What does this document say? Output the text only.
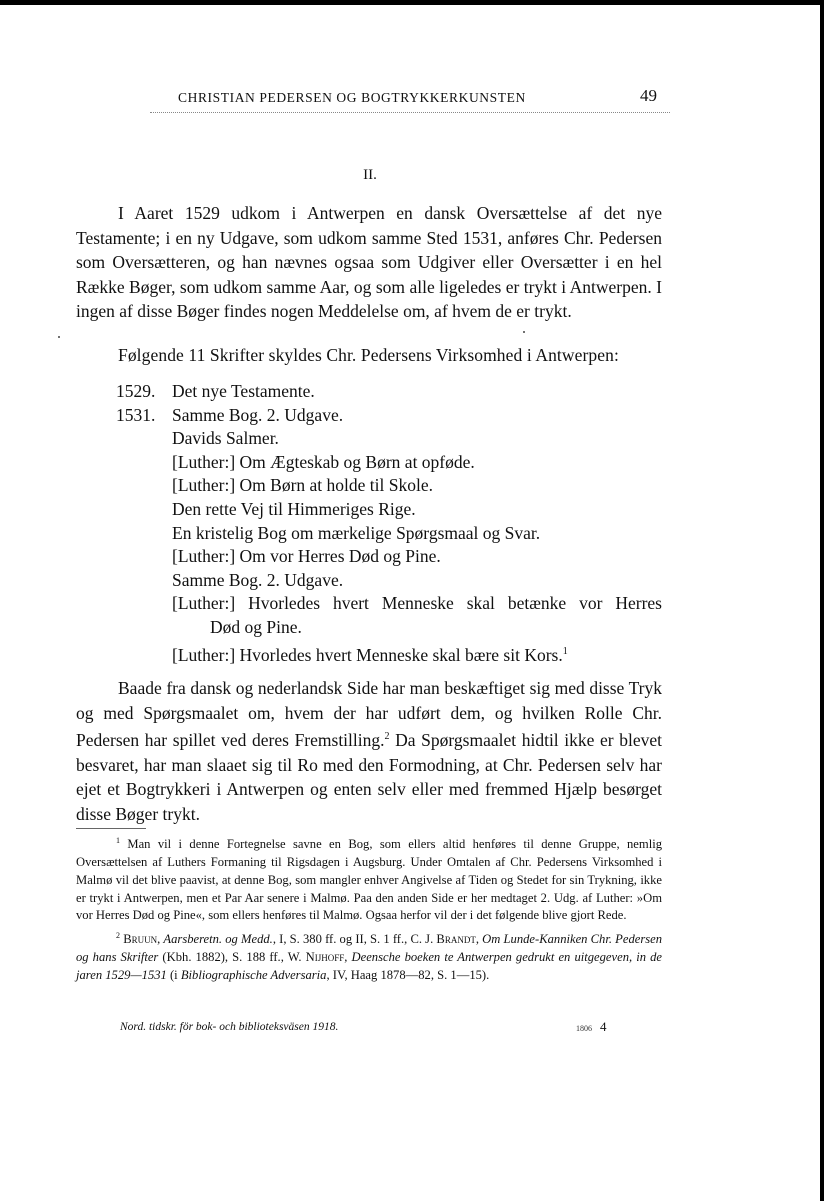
CHRISTIAN PEDERSEN OG BOGTRYKKERKUNSTEN	49
II.

I Aaret 1529 udkom i Antwerpen en dansk Oversættelse af det nye Testamente; i en ny Udgave, som udkom samme Sted 1531, anføres Chr. Pedersen som Oversætteren, og han nævnes ogsaa som Udgiver eller Oversætter i en hel Række Bøger, som udkom samme Aar, og som alle ligeledes er trykt i Antwerpen. I ingen af disse Bøger findes nogen Meddelelse om, af hvem de er trykt.

Følgende 11 Skrifter skyldes Chr. Pedersens Virksomhed i Antwerpen:

1529. Det nye Testamente.
1531. Samme Bog. 2. Udgave.
Davids Salmer.
[Luther:] Om Ægteskab og Børn at opføde.
[Luther:] Om Børn at holde til Skole.
Den rette Vej til Himmeriges Rige.
En kristelig Bog om mærkelige Spørgsmaal og Svar.
[Luther:] Om vor Herres Død og Pine.
Samme Bog. 2. Udgave.
[Luther:] Hvorledes hvert Menneske skal betænke vor Herres
Død og Pine.
[Luther:] Hvorledes hvert Menneske skal bære sit Kors.$^1$

Baade fra dansk og nederlandsk Side har man beskæftiget sig med disse Tryk og med Spørgsmaalet om, hvem der har udført dem, og hvilken Rolle Chr. Pedersen har spillet ved deres Fremstilling.$^2$ Da Spørgsmaalet hidtil ikke er blevet besvaret, har man slaaet sig til Ro med den Formodning, at Chr. Pedersen selv har ejet et Bogtrykkeri i Antwerpen og enten selv eller med fremmed Hjælp besørget disse Bøger trykt.

$^1$ Man vil i denne Fortegnelse savne en Bog, som ellers altid henføres til denne Gruppe, nemlig Oversættelsen af Luthers Formaning til Rigsdagen i Augsburg. Under Omtalen af Chr. Pedersens Virksomhed i Malmø vil det blive paavist, at denne Bog, som mangler enhver Angivelse af Tiden og Stedet for sin Trykning, ikke er trykt i Antwerpen, men et Par Aar senere i Malmø. Paa den anden Side er her medtaget 2. Udg. af Luther: »Om vor Herres Død og Pine«, som ellers henføres til Malmø. Ogsaa herfor vil der i det følgende blive gjort Rede.

$^2$ Bruun, Aarsberetn. og Medd., I, S. 380 ff. og II, S. 1 ff., C. J. Brandt, Om Lunde-Kanniken Chr. Pedersen og hans Skrifter (Kbh. 1882), S. 188 ff., W. Nijhoff, Deensche boeken te Antwerpen gedrukt en uitgegeven, in de jaren 1529—1531 (i Bibliographische Adversaria, IV, Haag 1878—82, S. 1—15).

Nord. tidskr. för bok- och biblioteksväsen 1918.	1806 4
